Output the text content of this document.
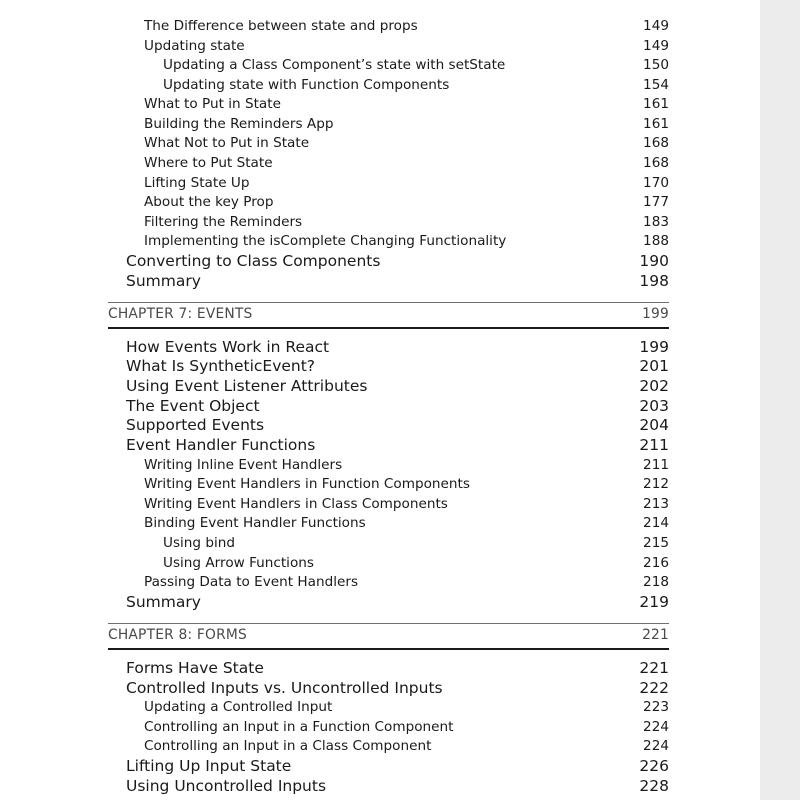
The Difference between state and props	149
Updating state	149
Updating a Class Component’s state with setState	150
Updating state with Function Components	154
What to Put in State	161
Building the Reminders App	161
What Not to Put in State	168
Where to Put State	168
Lifting State Up	170
About the key Prop	177
Filtering the Reminders	183
Implementing the isComplete Changing Functionality	188
Converting to Class Components	190
Summary	198
CHAPTER 7: EVENTS	199
How Events Work in React	199
What Is SyntheticEvent?	201
Using Event Listener Attributes	202
The Event Object	203
Supported Events	204
Event Handler Functions	211
Writing Inline Event Handlers	211
Writing Event Handlers in Function Components	212
Writing Event Handlers in Class Components	213
Binding Event Handler Functions	214
Using bind	215
Using Arrow Functions	216
Passing Data to Event Handlers	218
Summary	219
CHAPTER 8: FORMS	221
Forms Have State	221
Controlled Inputs vs. Uncontrolled Inputs	222
Updating a Controlled Input	223
Controlling an Input in a Function Component	224
Controlling an Input in a Class Component	224
Lifting Up Input State	226
Using Uncontrolled Inputs	228
